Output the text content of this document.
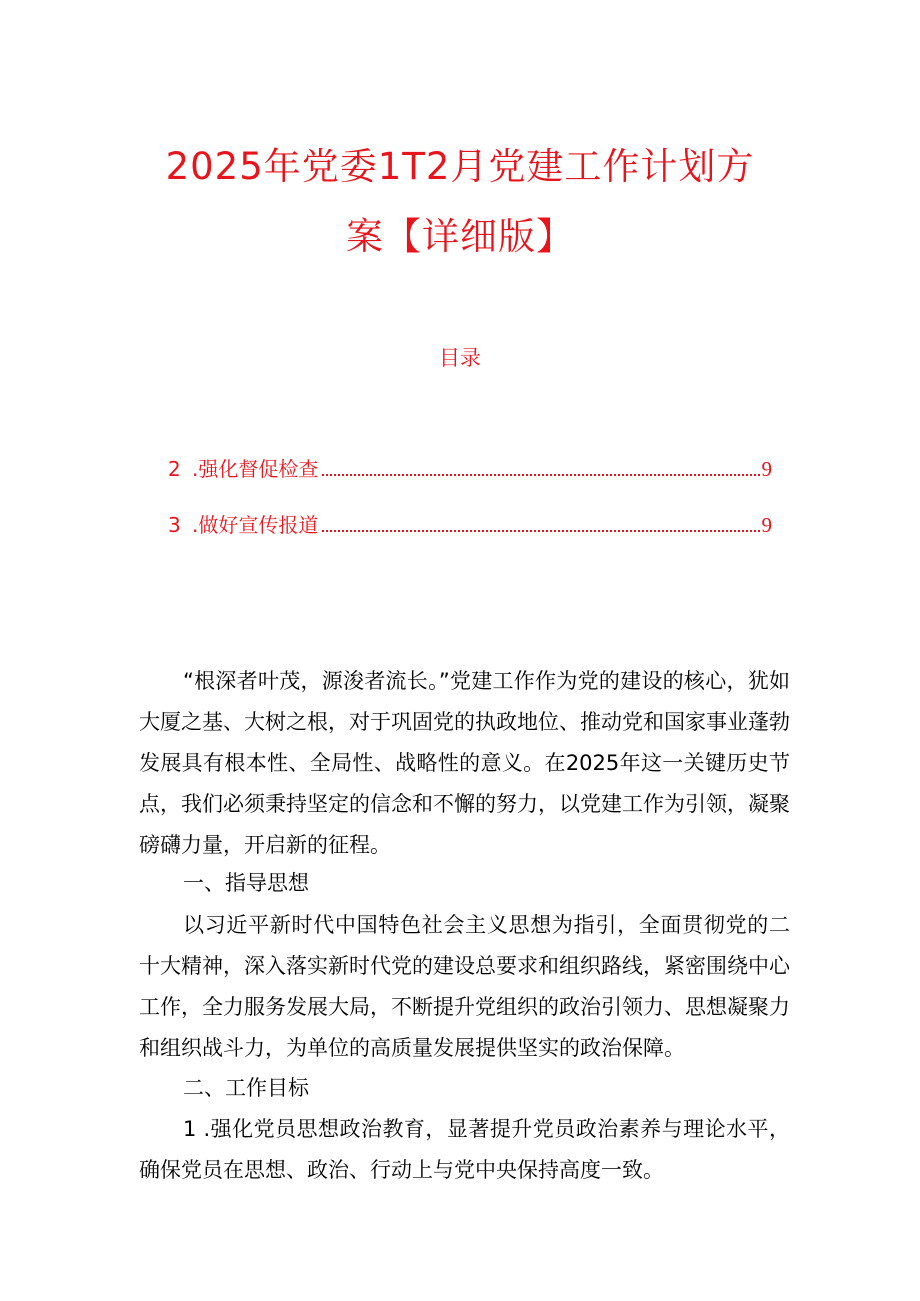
2025年党委1T2月党建工作计划方
案【详细版】
目录
2 .强化督促检查	9
3 .做好宣传报道	9

“根深者叶茂，源浚者流长。”党建工作作为党的建设的核心，犹如大厦之基、大树之根，对于巩固党的执政地位、推动党和国家事业蓬勃发展具有根本性、全局性、战略性的意义。在2025年这一关键历史节点，我们必须秉持坚定的信念和不懈的努力，以党建工作为引领，凝聚磅礴力量，开启新的征程。

一、指导思想

以习近平新时代中国特色社会主义思想为指引，全面贯彻党的二十大精神，深入落实新时代党的建设总要求和组织路线，紧密围绕中心工作，全力服务发展大局，不断提升党组织的政治引领力、思想凝聚力和组织战斗力，为单位的高质量发展提供坚实的政治保障。

二、工作目标

1 .强化党员思想政治教育，显著提升党员政治素养与理论水平，确保党员在思想、政治、行动上与党中央保持高度一致。
